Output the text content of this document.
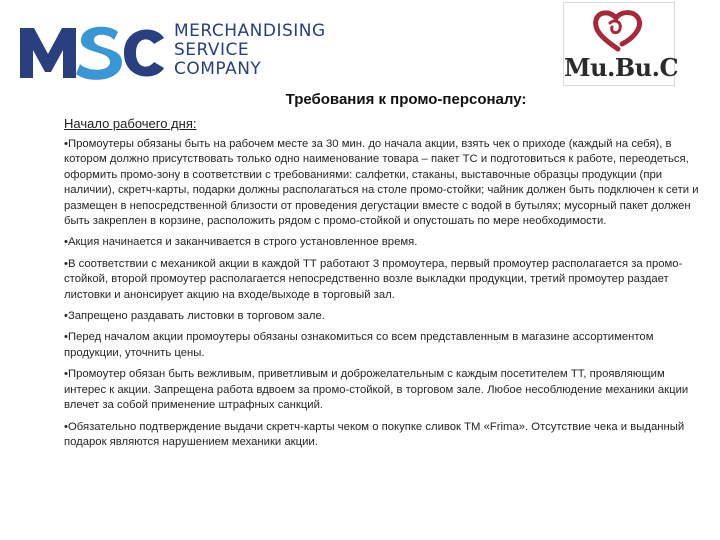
MERCHANDISING
SERVICE
COMPANY	Mu.Bu.C
Требования к промо-персоналу:
Начало рабочего дня:

•Промоутеры обязаны быть на рабочем месте за 30 мин. до начала акции, взять чек о приходе (каждый на себя), в котором должно присутствовать только одно наименование товара – пакет ТС и подготовиться к работе, переодеться, оформить промо-зону в соответствии с требованиями: салфетки, стаканы, выставочные образцы продукции (при наличии), скретч-карты, подарки должны располагаться на столе промо-стойки; чайник должен быть подключен к сети и размещен в непосредственной близости от проведения дегустации вместе с водой в бутылях; мусорный пакет должен быть закреплен в корзине, расположить рядом с промо-стойкой и опустошать по мере необходимости.

•Акция начинается и заканчивается в строго установленное время.

•В соответствии с механикой акции в каждой ТТ работают 3 промоутера, первый промоутер располагается за промо-стойкой, второй промоутер располагается непосредственно возле выкладки продукции, третий промоутер раздает листовки и анонсирует акцию на входе/выходе в торговый зал.

•Запрещено раздавать листовки в торговом зале.

•Перед началом акции промоутеры обязаны ознакомиться со всем представленным в магазине ассортиментом продукции, уточнить цены.

•Промоутер обязан быть вежливым, приветливым и доброжелательным с каждым посетителем ТТ, проявляющим интерес к акции. Запрещена работа вдвоем за промо-стойкой, в торговом зале. Любое несоблюдение механики акции влечет за собой применение штрафных санкций.

•Обязательно подтверждение выдачи скретч-карты чеком о покупке сливок ТМ «Frima». Отсутствие чека и выданный подарок являются нарушением механики акции.
